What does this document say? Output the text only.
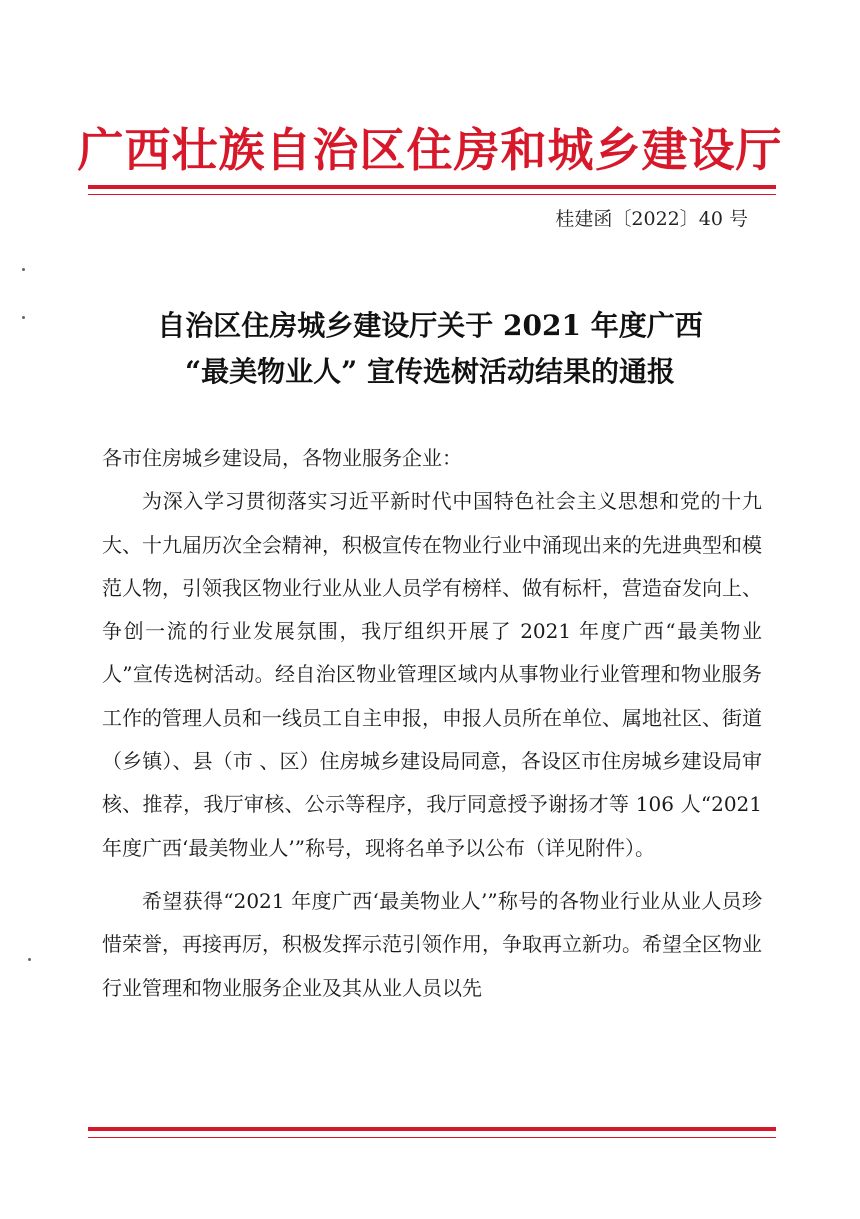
广西壮族自治区住房和城乡建设厅
桂建函〔2022〕40 号
自治区住房城乡建设厅关于 2021 年度广西
“最美物业人” 宣传选树活动结果的通报

各市住房城乡建设局，各物业服务企业：

为深入学习贯彻落实习近平新时代中国特色社会主义思想和党的十九大、十九届历次全会精神，积极宣传在物业行业中涌现出来的先进典型和模范人物，引领我区物业行业从业人员学有榜样、做有标杆，营造奋发向上、争创一流的行业发展氛围，我厅组织开展了 2021 年度广西“最美物业人”宣传选树活动。经自治区物业管理区域内从事物业行业管理和物业服务工作的管理人员和一线员工自主申报，申报人员所在单位、属地社区、街道（乡镇）、县（市 、区）住房城乡建设局同意，各设区市住房城乡建设局审核、推荐，我厅审核、公示等程序，我厅同意授予谢扬才等 106 人“2021 年度广西‘最美物业人’”称号，现将名单予以公布（详见附件）。

希望获得“2021 年度广西‘最美物业人’”称号的各物业行业从业人员珍惜荣誉，再接再厉，积极发挥示范引领作用，争取再立新功。希望全区物业行业管理和物业服务企业及其从业人员以先
